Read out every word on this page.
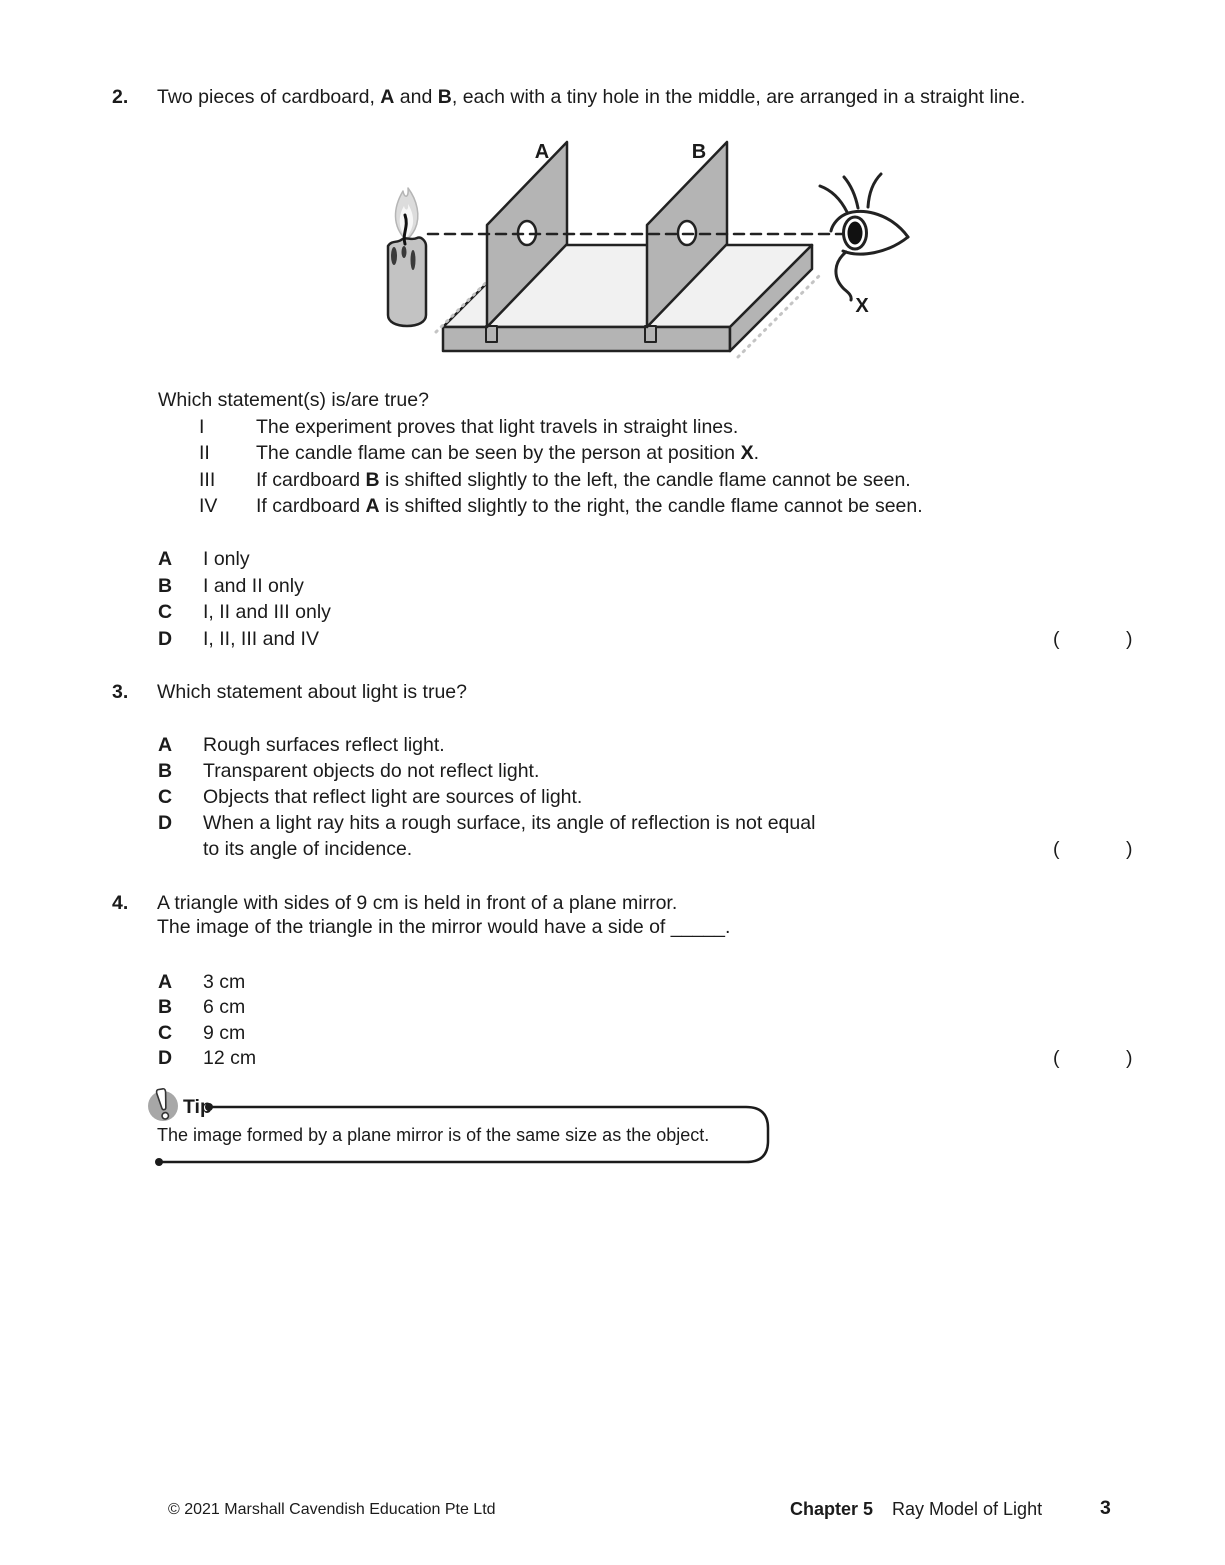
2. Two pieces of cardboard, A and B, each with a tiny hole in the middle, are arranged in a straight line.
A	B
X
Which statement(s) is/are true?
I	The experiment proves that light travels in straight lines.
II The candle flame can be seen by the person at position X.
III If cardboard B is shifted slightly to the left, the candle flame cannot be seen.
IV If cardboard A is shifted slightly to the right, the candle flame cannot be seen.
A I only
B I and II only
C I, II and III only
D I, II, III and IV	(	)
3. Which statement about light is true?
A Rough surfaces reflect light.
B Transparent objects do not reflect light.
C Objects that reflect light are sources of light.
D When a light ray hits a rough surface, its angle of reflection is not equal
to its angle of incidence.	(	)
4. A triangle with sides of 9 cm is held in front of a plane mirror.
The image of the triangle in the mirror would have a side of _____.
A 3 cm
B 6 cm
C 9 cm
D 12 cm	(	)
Tip
The image formed by a plane mirror is of the same size as the object.
© 2021 Marshall Cavendish Education Pte Ltd	Chapter 5 Ray Model of Light	3
